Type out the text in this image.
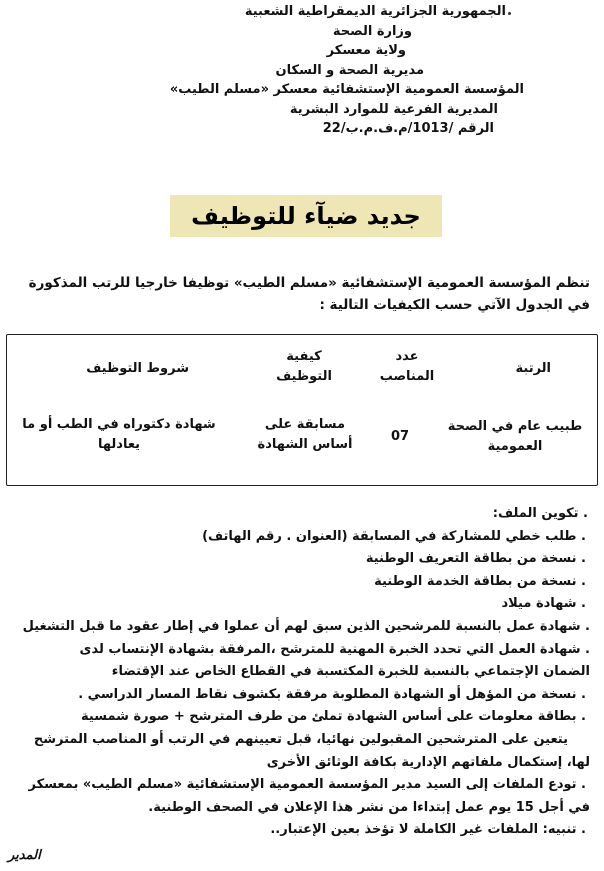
الجمهورية الجزائرية الديمقراطية الشعبية
وزارة الصحة
ولاية معسكر
مديرية الصحة و السكان
المؤسسة العمومية الإستشفائية معسكر «مسلم الطيب»
المديرية الفرعية للموارد البشرية
الرقم /1013/م.ف.م.ب/22
جديد ضيآء للتوظيف
تنظم المؤسسة العمومية الإستشفائية «مسلم الطيب» توظيفا خارجيا للرتب المذكورة
في الجدول الآتي حسب الكيفيات التالية :
الرتبة
عدد المناصب
كيفية التوظيف
شروط التوظيف
طبيب عام في الصحة العمومية
07
مسابقة على أساس الشهادة
شهادة دكتوراه في الطب أو ما يعادلها
. تكوين الملف:
. طلب خطي للمشاركة في المسابقة (العنوان . رقم الهاتف)
. نسخة من بطاقة التعريف الوطنية
. نسخة من بطاقة الخدمة الوطنية
. شهادة ميلاد
. شهادة عمل بالنسبة للمرشحين الذين سبق لهم أن عملوا في إطار عقود ما قبل التشغيل
. شهادة العمل التي تحدد الخبرة المهنية للمترشح ،المرفقة بشهادة الإنتساب لدى
الضمان الإجتماعي بالنسبة للخبرة المكتسبة في القطاع الخاص عند الإقتضاء
. نسخة من المؤهل أو الشهادة المطلوبة مرفقة بكشوف نقاط المسار الدراسي .
. بطاقة معلومات على أساس الشهادة تملئ من طرف المترشح + صورة شمسية
يتعين على المترشحين المقبولين نهائيا، قبل تعيينهم في الرتب أو المناصب المترشح
لها، إستكمال ملفاتهم الإدارية بكافة الوثائق الأخرى
. تودع الملفات إلى السيد مدير المؤسسة العمومية الإستشفائية «مسلم الطيب» بمعسكر
في أجل 15 يوم عمل إبتداءا من نشر هذا الإعلان في الصحف الوطنية.
. تنبيه: الملفات غير الكاملة لا تؤخذ بعين الإعتبار..
المدير
